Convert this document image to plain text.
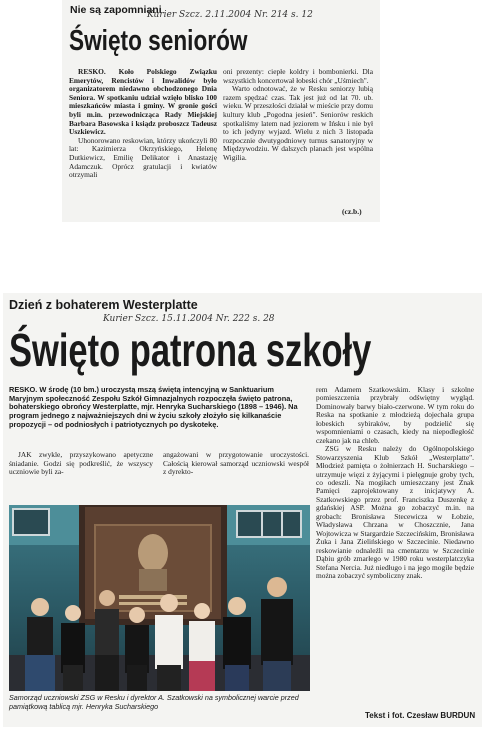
Nie są zapomniani
Kurier Szcz. 2.11.2004 Nr. 214 s. 12
Święto seniorów

RESKO. Koło Polskiego Związku Emerytów, Rencistów i Inwalidów było organizatorem niedawno obchodzonego Dnia Seniora. W spotkaniu udział wzięło blisko 100 mieszkańców miasta i gminy. W gronie gości byli m.in. przewodnicząca Rady Miejskiej Barbara Basowska i ksiądz proboszcz Tadeusz Uszkiewicz.

Uhonorowano reskowian, którzy ukończyli 80 lat: Kazimierza Okrzyńskiego, Helenę Dutkiewicz, Emilię Delikator i Anastazję Adamczuk. Oprócz gratulacji i kwiatów otrzymali

oni prezenty: ciepłe koldry i bombonierki. Dla wszystkich koncertował łobeski chór „Uśmiech".

Warto odnotować, że w Resku seniorzy lubią razem spędzać czas. Tak jest już od lat 70. ub. wieku. W przeszłości działał w mieście przy domu kultury klub „Pogodna jesień". Seniorów reskich spotkaliśmy latem nad jeziorem w Ińsku i nie był to ich jedyny wyjazd. Wielu z nich 3 listopada rozpocznie dwutygodniowy turnus sanatoryjny w Międzywodziu. W dalszych planach jest wspólna Wigilia.

(cz.b.)
Dzień z bohaterem Westerplatte
Kurier Szcz. 15.11.2004 Nr. 222 s. 28
Święto patrona szkoły
RESKO. W środę (10 bm.) uroczystą mszą świętą intencyjną w Sanktuarium Maryjnym społeczność Zespołu Szkół Gimnazjalnych rozpoczęła święto patrona, bohaterskiego obrońcy Westerplatte, mjr. Henryka Sucharskiego (1898 – 1946). Na program jednego z najważniejszych dni w życiu szkoły złożyło się kilkanaście propozycji – od podniosłych i patriotycznych po dyskotekę.

JAK zwykle, przyszykowano apetyczne śniadanie. Godzi się podkreślić, że wszyscy uczniowie byli za-

angażowani w przygotowanie uroczystości. Całością kierował samorząd uczniowski wespół z dyrekto-

rem Adamem Szatkowskim. Klasy i szkolne pomieszczenia przybrały odświętny wygląd. Dominowały barwy biało-czerwone. W tym roku do Reska na spotkanie z młodzieżą dojechała grupa łobeskich sybiraków, by podzielić się wspomnieniami o czasach, kiedy na niepodległość czekano jak na chleb.

ZSG w Resku należy do Ogólnopolskiego Stowarzyszenia Klub Szkół „Westerplatte". Młodzież pamięta o żołnierzach H. Sucharskiego – utrzymuje więzi z żyjącymi i pielęgnuje groby tych, co odeszli. Na mogiłach umieszczany jest Znak Pamięci zaprojektowany z inicjatywy A. Szatkowskiego przez prof. Franciszka Duszenkę z gdańskiej ASP. Można go zobaczyć m.in. na grobach: Bronisława Stecewicza w Łobzie, Władysława Chrzana w Choszcznie, Jana Wojtowicza w Stargardzie Szczecińskim, Bronisława Żuka i Jana Zielińskiego w Szczecinie. Niedawno reskowianie odnaleźli na cmentarzu w Szczecinie Dąbiu grób zmarłego w 1980 roku westerplatczyka Stefana Nercia. Już niedługo i na jego mogile będzie można zobaczyć symboliczny znak.

Samorząd uczniowski ZSG w Resku i dyrektor A. Szatkowski na symbolicznej warcie przed pamiątkową tablicą mjr. Henryka Sucharskiego
Tekst i fot. Czesław BURDUN
